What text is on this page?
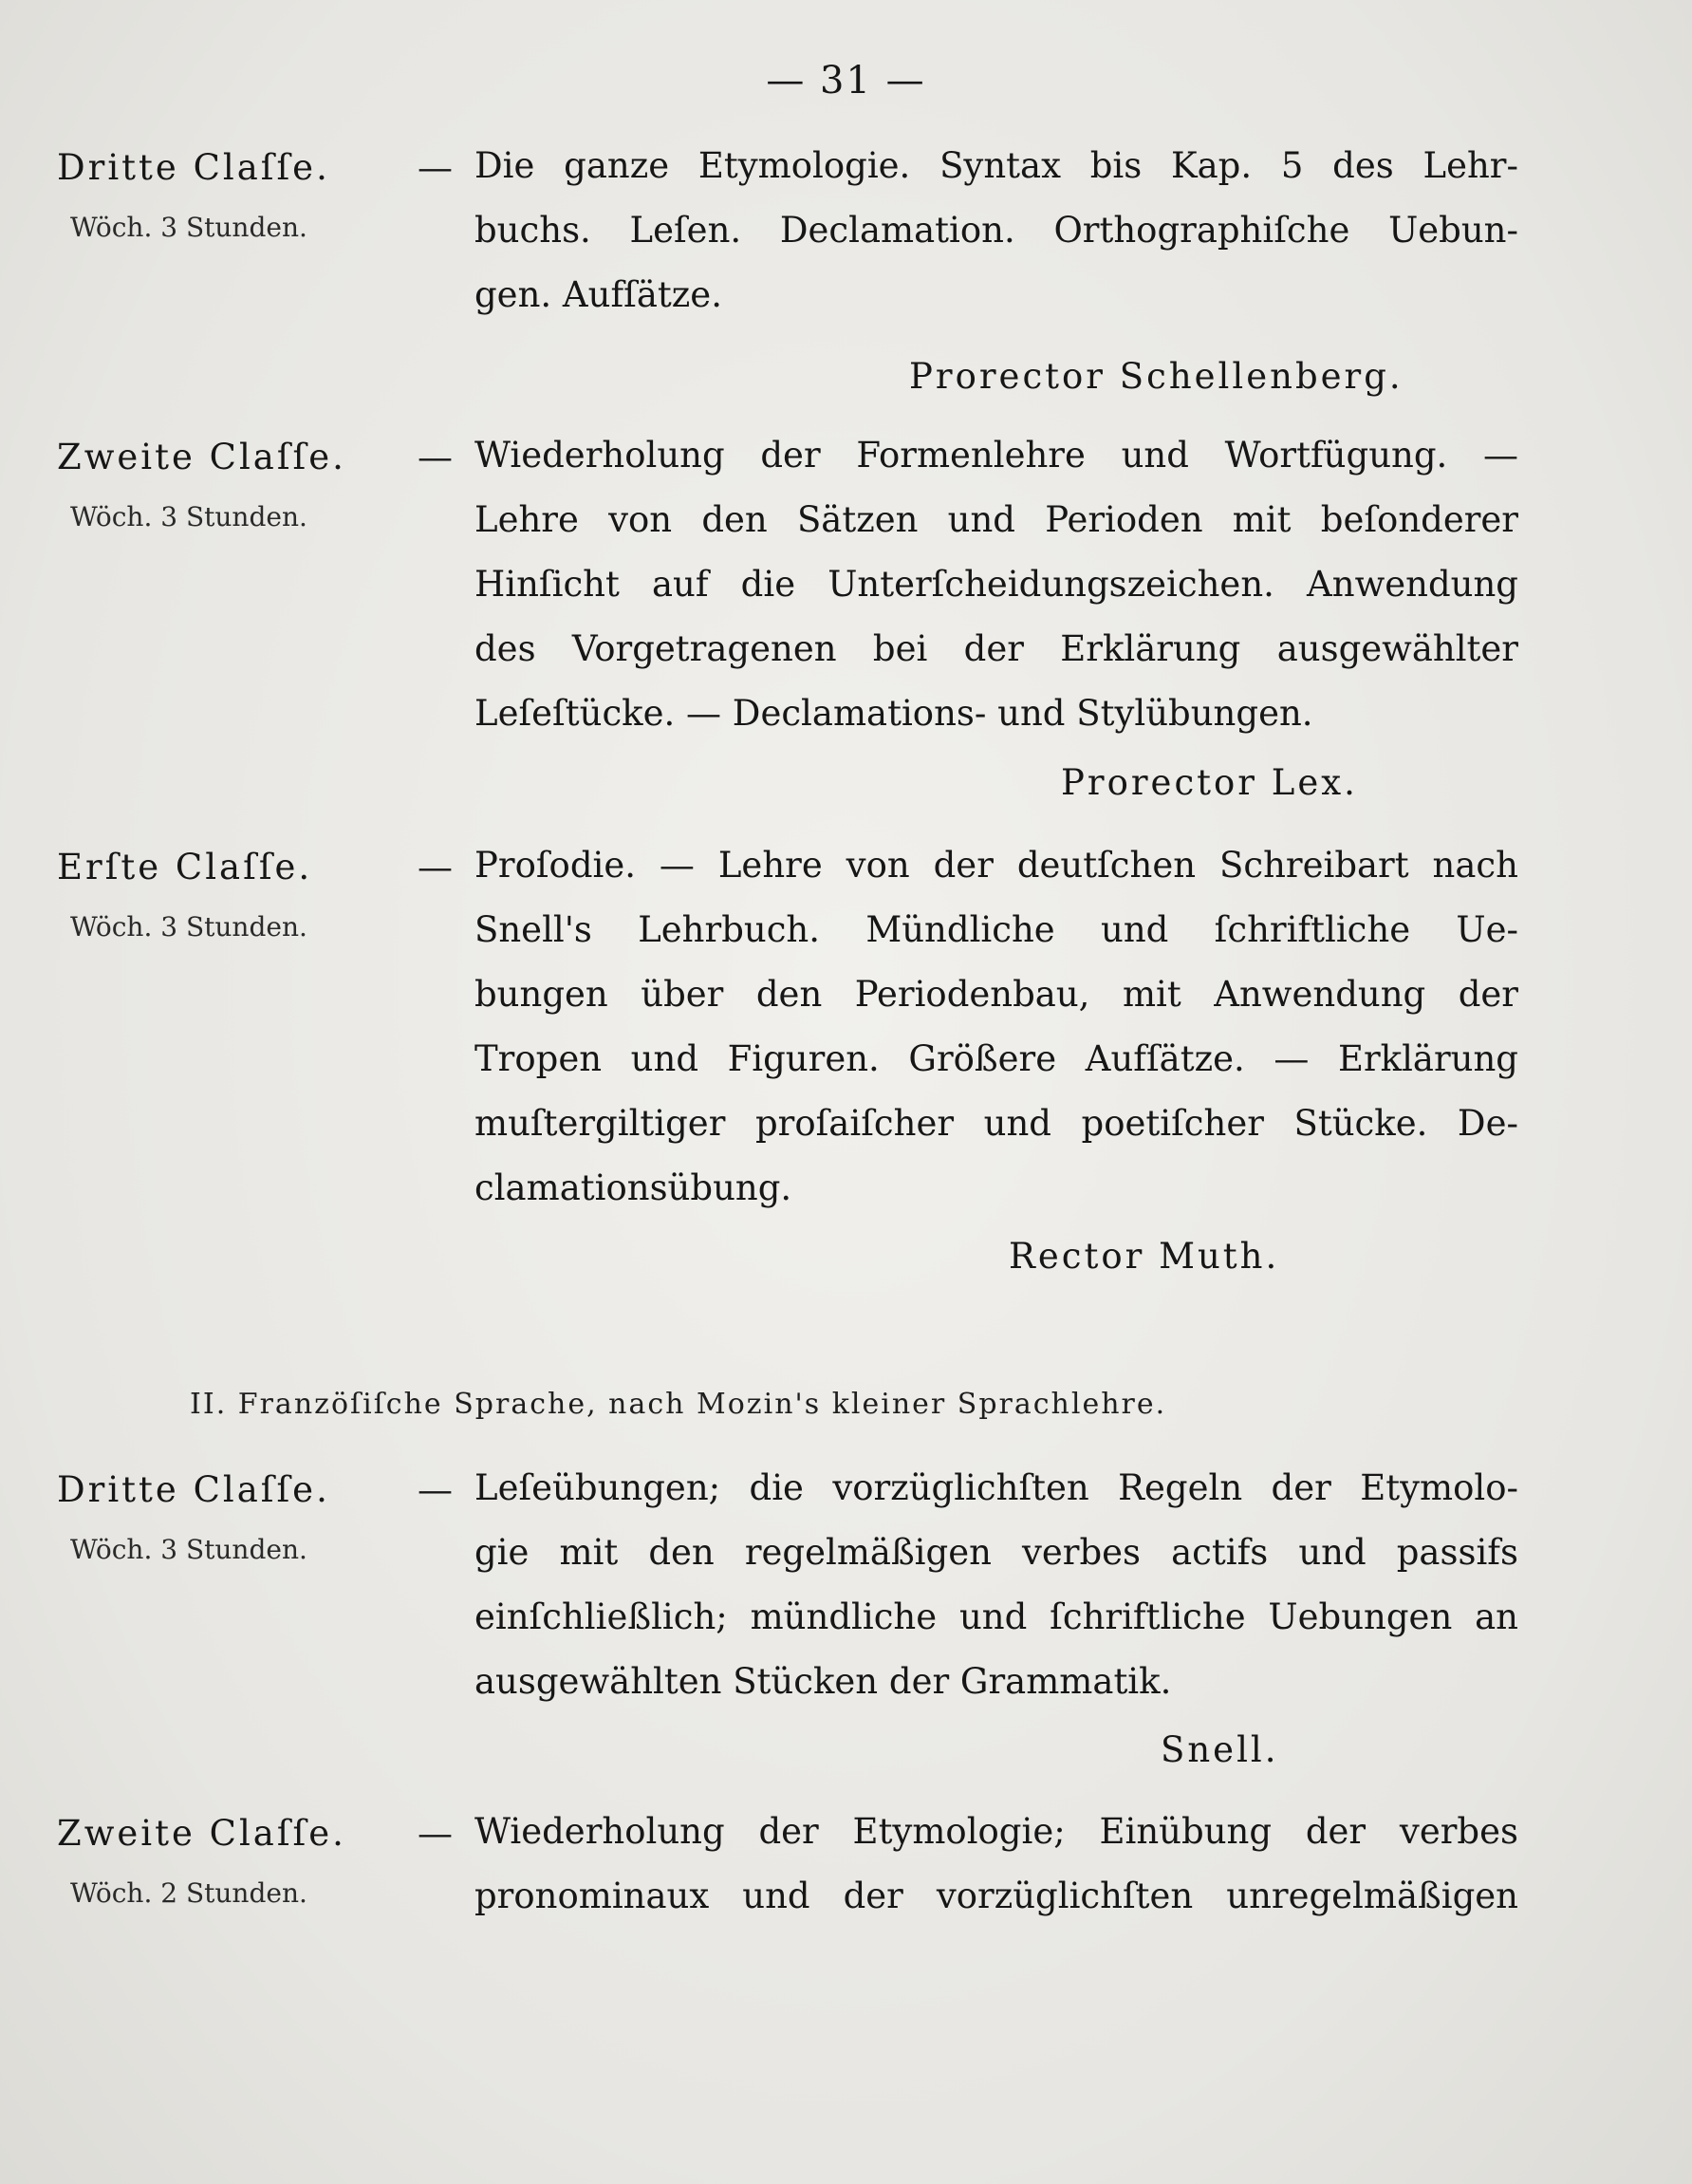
— 31 —
Dritte Claſſe.	—
Wöch. 3 Stunden.
Die ganze Etymologie. Syntax bis Kap. 5 des Lehr-
buchs. Leſen. Declamation. Orthographiſche Uebun-
gen. Aufſätze.
Prorector Schellenberg.
Zweite Claſſe.	—
Wöch. 3 Stunden.
Wiederholung der Formenlehre und Wortfügung. —
Lehre von den Sätzen und Perioden mit beſonderer
Hinſicht auf die Unterſcheidungszeichen. Anwendung
des Vorgetragenen bei der Erklärung ausgewählter
Leſeſtücke. — Declamations- und Stylübungen.
Prorector Lex.
Erſte Claſſe.	—
Wöch. 3 Stunden.
Proſodie. — Lehre von der deutſchen Schreibart nach
Snell's Lehrbuch. Mündliche und ſchriftliche Ue-
bungen über den Periodenbau, mit Anwendung der
Tropen und Figuren. Größere Aufſätze. — Erklärung
muſtergiltiger proſaiſcher und poetiſcher Stücke. De-
clamationsübung.
Rector Muth.
II. Franzöſiſche Sprache, nach Mozin's kleiner Sprachlehre.
Dritte Claſſe.	—
Wöch. 3 Stunden.
Leſeübungen; die vorzüglichſten Regeln der Etymolo-
gie mit den regelmäßigen verbes actifs und passifs
einſchließlich; mündliche und ſchriftliche Uebungen an
ausgewählten Stücken der Grammatik.
Snell.
Zweite Claſſe.	—
Wöch. 2 Stunden.
Wiederholung der Etymologie; Einübung der verbes
pronominaux und der vorzüglichſten unregelmäßigen
